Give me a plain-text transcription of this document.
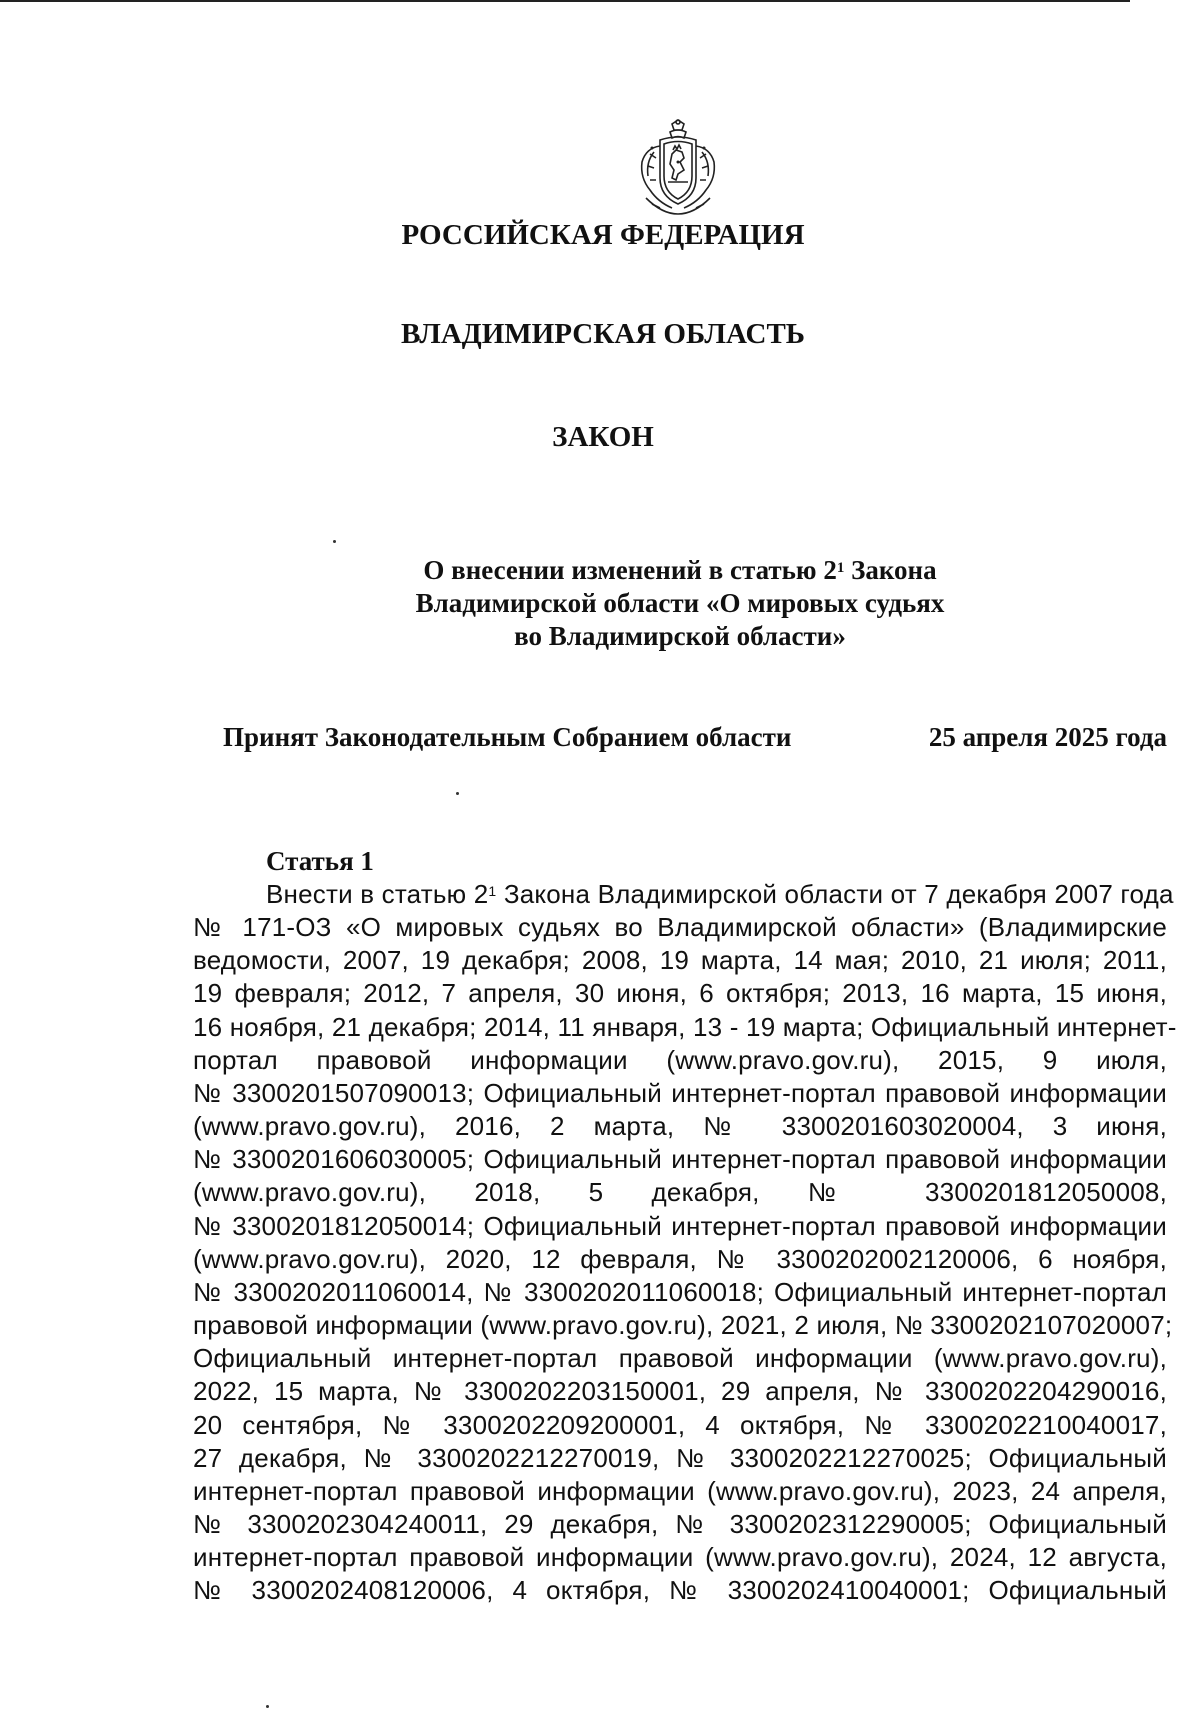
РОССИЙСКАЯ ФЕДЕРАЦИЯ
ВЛАДИМИРСКАЯ ОБЛАСТЬ
ЗАКОН
О внесении изменений в статью $2^1$ Закона
Владимирской области «О мировых судьях
во Владимирской области»
Принят Законодательным Собранием области	25 апреля 2025 года
Статья 1
Внести в статью $2^1$ Закона Владимирской области от 7 декабря 2007 года
№ 171-ОЗ «О мировых судьях во Владимирской области» (Владимирские
ведомости, 2007, 19 декабря; 2008, 19 марта, 14 мая; 2010, 21 июля; 2011,
19 февраля; 2012, 7 апреля, 30 июня, 6 октября; 2013, 16 марта, 15 июня,
16 ноября, 21 декабря; 2014, 11 января, 13 - 19 марта; Официальный интернет-
портал правовой информации (www.pravo.gov.ru), 2015, 9 июля,
№ 3300201507090013; Официальный интернет-портал правовой информации
(www.pravo.gov.ru), 2016, 2 марта, № 3300201603020004, 3 июня,
№ 3300201606030005; Официальный интернет-портал правовой информации
(www.pravo.gov.ru), 2018, 5 декабря, № 3300201812050008,
№ 3300201812050014; Официальный интернет-портал правовой информации
(www.pravo.gov.ru), 2020, 12 февраля, № 3300202002120006, 6 ноября,
№ 3300202011060014, № 3300202011060018; Официальный интернет-портал
правовой информации (www.pravo.gov.ru), 2021, 2 июля, № 3300202107020007;
Официальный интернет-портал правовой информации (www.pravo.gov.ru),
2022, 15 марта, № 3300202203150001, 29 апреля, № 3300202204290016,
20 сентября, № 3300202209200001, 4 октября, № 3300202210040017,
27 декабря, № 3300202212270019, № 3300202212270025; Официальный
интернет-портал правовой информации (www.pravo.gov.ru), 2023, 24 апреля,
№ 3300202304240011, 29 декабря, № 3300202312290005; Официальный
интернет-портал правовой информации (www.pravo.gov.ru), 2024, 12 августа,
№ 3300202408120006, 4 октября, № 3300202410040001; Официальный
